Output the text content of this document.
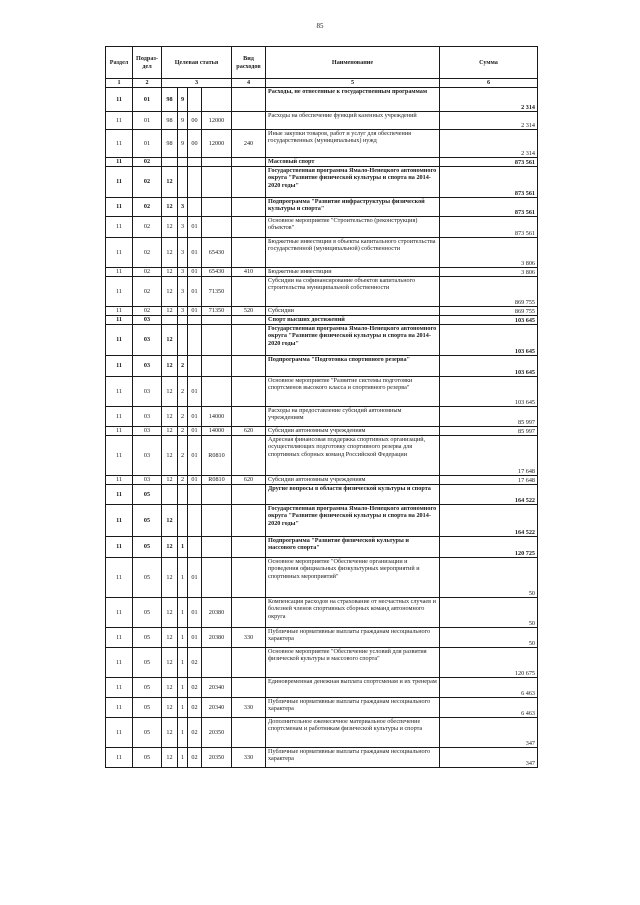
85
Раздел	Подраз-дел	Целевая статья				Вид расходов	Наименование	Сумма
1	2	3				4	5	6
11	01	98	9				Расходы, не отнесенные к государственным программам	2 314
11	01	98	9	00	12000		Расходы на обеспечение функций казенных учреждений	2 314
11	01	98	9	00	12000	240	Иные закупки товаров, работ и услуг для обеспечения государственных (муниципальных) нужд	2 314
11	02						Массовый спорт	873 561
11	02	12					Государственная программа Ямало-Ненецкого автономного округа "Развитие физической культуры и спорта на 2014-2020 годы"	873 561
11	02	12	3				Подпрограмма "Развитие инфраструктуры физической культуры и спорта"	873 561
11	02	12	3	01			Основное мероприятие "Строительство (реконструкция) объектов"	873 561
11	02	12	3	01	65430		Бюджетные инвестиции в объекты капитального строительства государственной (муниципальной) собственности	3 806
11	02	12	3	01	65430	410	Бюджетные инвестиции	3 806
11	02	12	3	01	71350		Субсидии на софинансирование объектов капитального строительства муниципальной собственности	869 755
11	02	12	3	01	71350	520	Субсидии	869 755
11	03						Спорт высших достижений	103 645
11	03	12					Государственная программа Ямало-Ненецкого автономного округа "Развитие физической культуры и спорта на 2014-2020 годы"	103 645
11	03	12	2				Подпрограмма "Подготовка спортивного резерва"	103 645
11	03	12	2	01			Основное мероприятие "Развитие системы подготовки спортсменов высокого класса и спортивного резерва"	103 645
11	03	12	2	01	14000		Расходы на предоставление субсидий автономным учреждениям	85 997
11	03	12	2	01	14000	620	Субсидии автономным учреждениям	85 997
11	03	12	2	01	R0810		Адресная финансовая поддержка спортивных организаций, осуществляющих подготовку спортивного резерва для спортивных сборных команд Российской Федерации	17 648
11	03	12	2	01	R0810	620	Субсидии автономным учреждениям	17 648
11	05						Другие вопросы в области физической культуры и спорта	164 522
11	05	12					Государственная программа Ямало-Ненецкого автономного округа "Развитие физической культуры и спорта на 2014-2020 годы"	164 522
11	05	12	1				Подпрограмма "Развитие физической культуры и массового спорта"	120 725
11	05	12	1	01			Основное мероприятие "Обеспечение организации и проведения официальных физкультурных мероприятий и спортивных мероприятий"	50
11	05	12	1	01	20380		Компенсация расходов на страхование от несчастных случаев и болезней членов спортивных сборных команд автономного округа	50
11	05	12	1	01	20380	330	Публичные нормативные выплаты гражданам несоциального характера	50
11	05	12	1	02			Основное мероприятие "Обеспечение условий для развития физической культуры и массового спорта"	120 675
11	05	12	1	02	20340		Единовременная денежная выплата спортсменам и их тренерам	6 463
11	05	12	1	02	20340	330	Публичные нормативные выплаты гражданам несоциального характера	6 463
11	05	12	1	02	20350		Дополнительное ежемесячное материальное обеспечение спортсменам и работникам физической культуры и спорта	347
11	05	12	1	02	20350	330	Публичные нормативные выплаты гражданам несоциального характера	347
